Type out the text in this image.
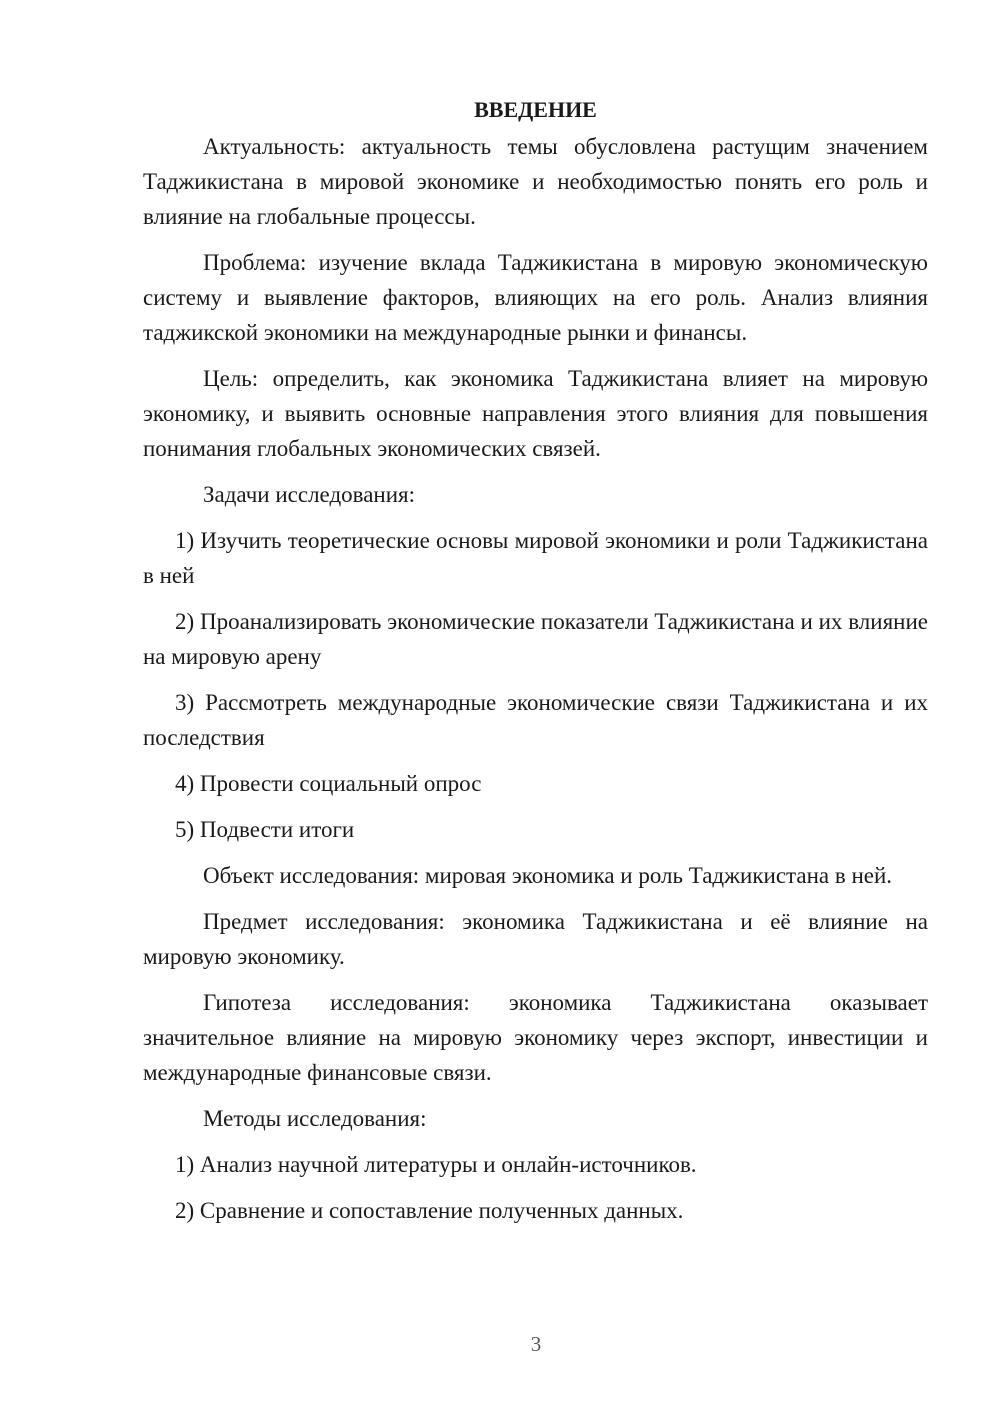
ВВЕДЕНИЕ

Актуальность: актуальность темы обусловлена растущим значением Таджикистана в мировой экономике и необходимостью понять его роль и влияние на глобальные процессы.

Проблема: изучение вклада Таджикистана в мировую экономическую систему и выявление факторов, влияющих на его роль. Анализ влияния таджикской экономики на международные рынки и финансы.

Цель: определить, как экономика Таджикистана влияет на мировую экономику, и выявить основные направления этого влияния для повышения понимания глобальных экономических связей.

Задачи исследования:

1) Изучить теоретические основы мировой экономики и роли Таджикистана в ней

2) Проанализировать экономические показатели Таджикистана и их влияние на мировую арену

3) Рассмотреть международные экономические связи Таджикистана и их последствия

4) Провести социальный опрос

5) Подвести итоги

Объект исследования: мировая экономика и роль Таджикистана в ней.

Предмет исследования: экономика Таджикистана и её влияние на мировую экономику.

Гипотеза исследования: экономика Таджикистана оказывает значительное влияние на мировую экономику через экспорт, инвестиции и международные финансовые связи.

Методы исследования:

1) Анализ научной литературы и онлайн-источников.

2) Сравнение и сопоставление полученных данных.

3
